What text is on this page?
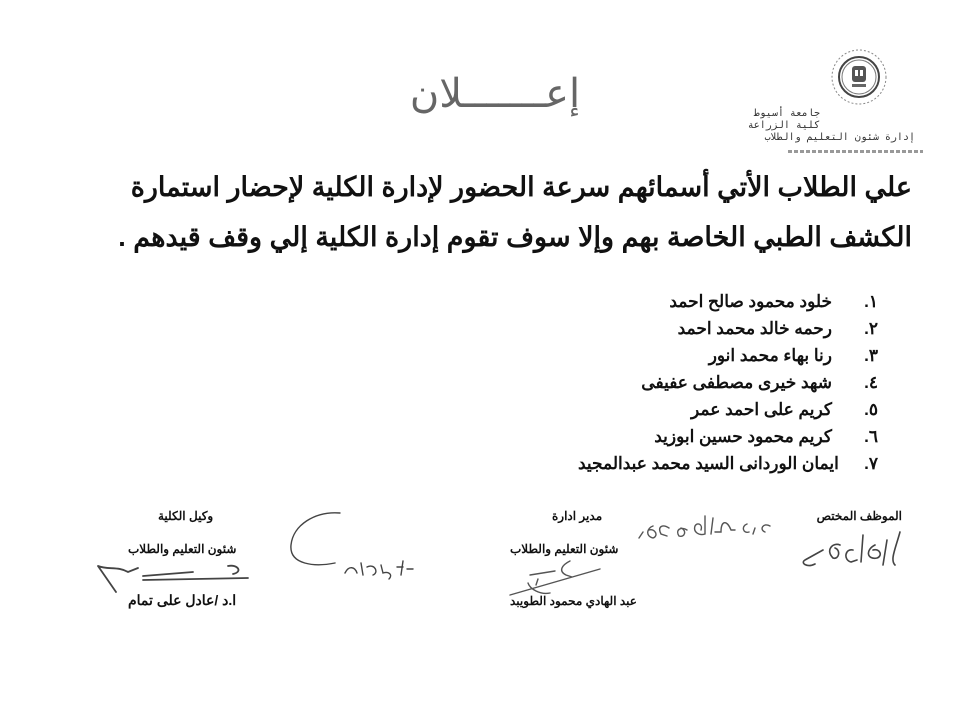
جامعة أسيوط
كلية الزراعة
إدارة شئون التعليم والطلاب
إعـــــــلان
علي الطلاب الأتي أسمائهم سرعة الحضور لإدارة الكلية لإحضار استمارة
الكشف الطبي الخاصة بهم وإلا سوف تقوم إدارة الكلية إلي وقف قيدهم .
١.
خلود محمود صالح احمد
٢.
رحمه خالد محمد احمد
٣.
رنا بهاء محمد انور
٤.
شهد خيرى مصطفى عفيفى
٥.
كريم على احمد عمر
٦.
كريم محمود حسين ابوزيد
٧.
ايمان الوردانى السيد محمد عبدالمجيد
الموظف المختص
مدير ادارة
شئون التعليم والطلاب
عبد الهادي محمود الطويبد
وكيل الكلية
شئون التعليم والطلاب
ا.د /عادل على تمام
